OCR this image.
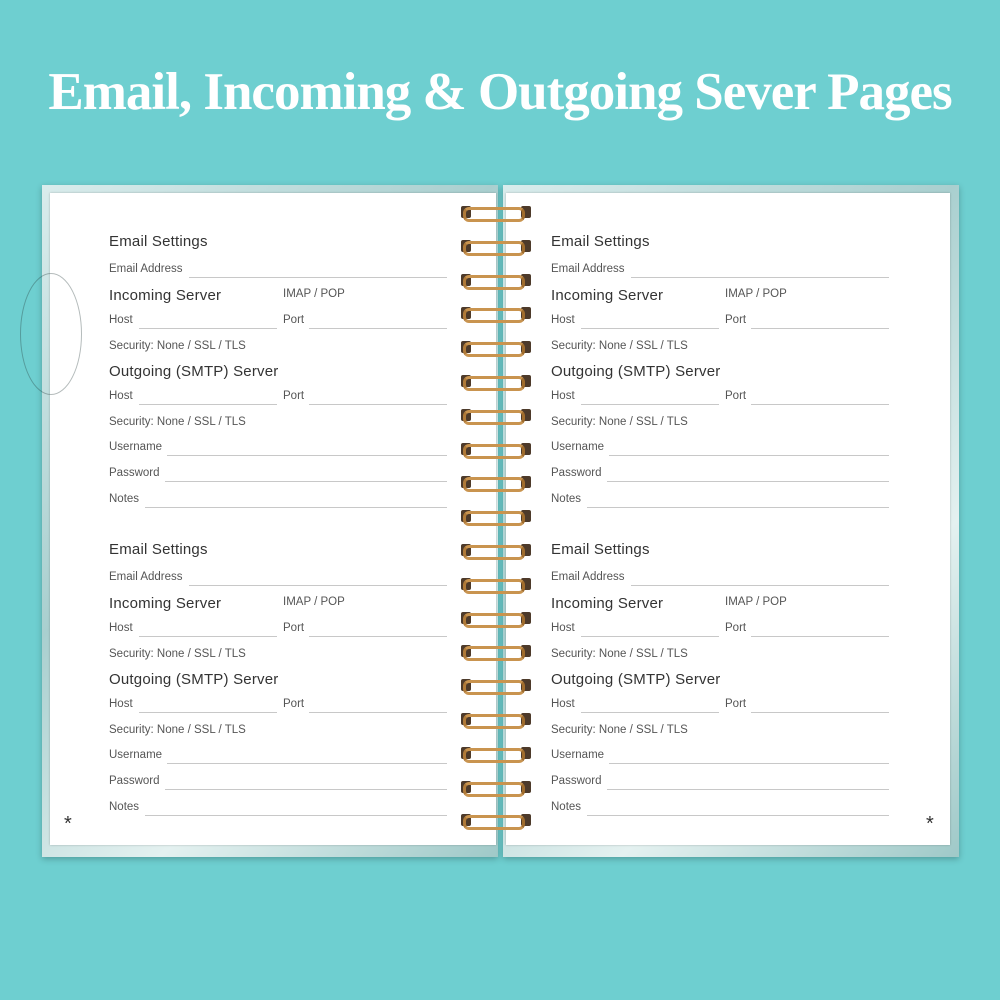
Email, Incoming & Outgoing Sever Pages
Email Settings
Email Address
Incoming Server	IMAP / POP
Host	Port
Security: None / SSL / TLS
Outgoing (SMTP) Server
Host	Port
Security: None / SSL / TLS
Username
Password
Notes
Email Settings
Email Address
Incoming Server	IMAP / POP
Host	Port
Security: None / SSL / TLS
Outgoing (SMTP) Server
Host	Port
Security: None / SSL / TLS
Username
Password
Notes
*
Email Settings
Email Address
Incoming Server	IMAP / POP
Host	Port
Security: None / SSL / TLS
Outgoing (SMTP) Server
Host	Port
Security: None / SSL / TLS
Username
Password
Notes
Email Settings
Email Address
Incoming Server	IMAP / POP
Host	Port
Security: None / SSL / TLS
Outgoing (SMTP) Server
Host	Port
Security: None / SSL / TLS
Username
Password
Notes
*
